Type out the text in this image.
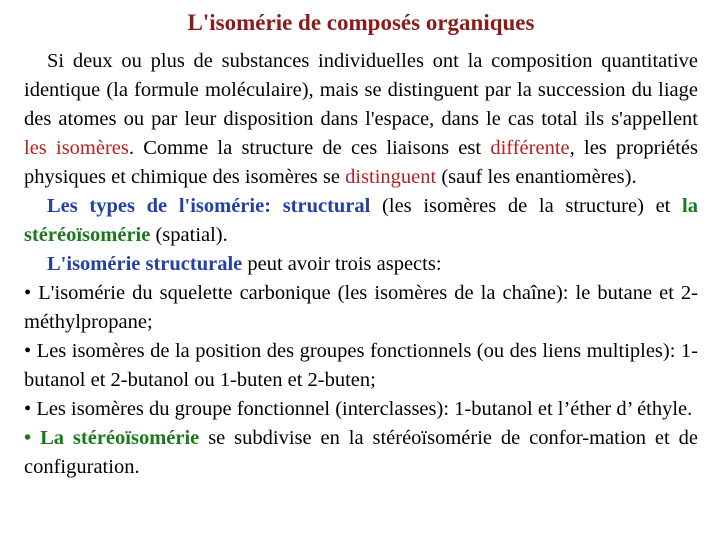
L'isomérie de composés organiques

Si deux ou plus de substances individuelles ont la composition quantitative identique (la formule moléculaire), mais se distinguent par la succession du liage des atomes ou par leur disposition dans l'espace, dans le cas total ils s'appellent les isomères. Comme la structure de ces liaisons est différente, les propriétés physiques et chimique des isomères se distinguent (sauf les enantiomères).

Les types de l'isomérie: structural (les isomères de la structure) et la stéréoïsomérie (spatial).

L'isomérie structurale peut avoir trois aspects:

• L'isomérie du squelette carbonique (les isomères de la chaîne): le butane et 2-méthylpropane;

• Les isomères de la position des groupes fonctionnels (ou des liens multiples): 1-butanol et 2-butanol ou 1-buten et 2-buten;

• Les isomères du groupe fonctionnel (interclasses): 1-butanol et l’éther d’ éthyle.

• La stéréoïsomérie se subdivise en la stéréoïsomérie de confor-mation et de configuration.
